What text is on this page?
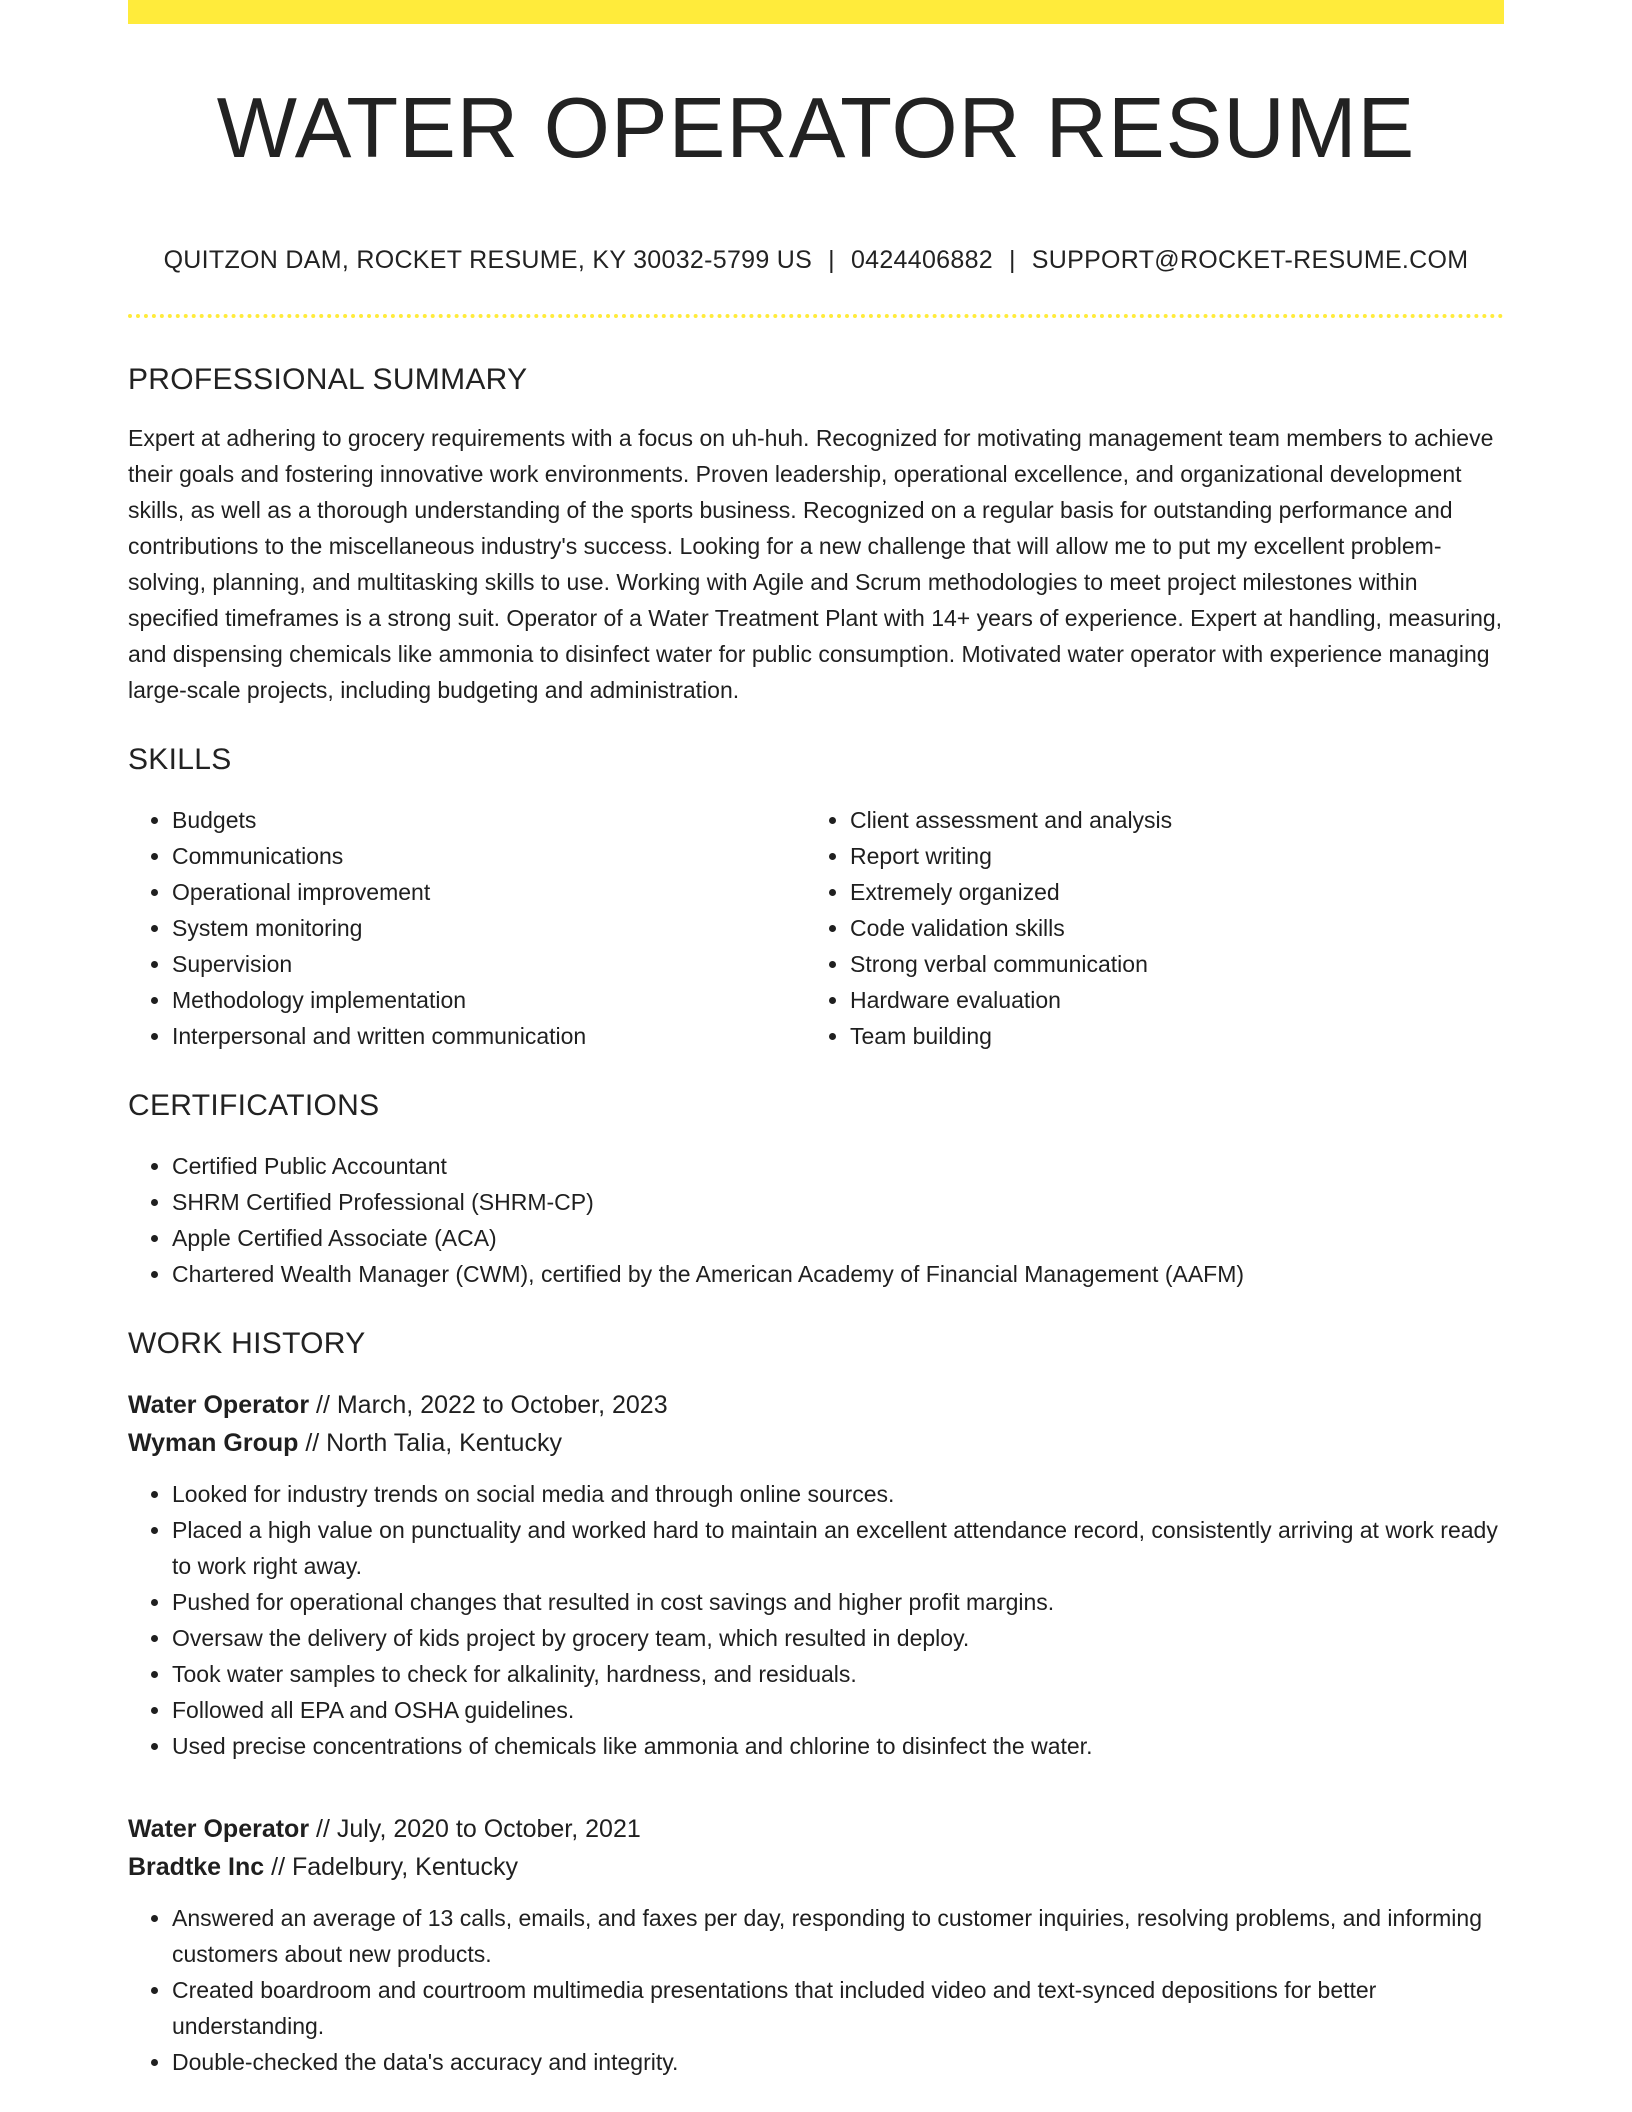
WATER OPERATOR RESUME
QUITZON DAM, ROCKET RESUME, KY 30032-5799 US | 0424406882 | SUPPORT@ROCKET-RESUME.COM
PROFESSIONAL SUMMARY

Expert at adhering to grocery requirements with a focus on uh-huh. Recognized for motivating management team members to achieve their goals and fostering innovative work environments. Proven leadership, operational excellence, and organizational development skills, as well as a thorough understanding of the sports business. Recognized on a regular basis for outstanding performance and contributions to the miscellaneous industry's success. Looking for a new challenge that will allow me to put my excellent problem-solving, planning, and multitasking skills to use. Working with Agile and Scrum methodologies to meet project milestones within specified timeframes is a strong suit. Operator of a Water Treatment Plant with 14+ years of experience. Expert at handling, measuring, and dispensing chemicals like ammonia to disinfect water for public consumption. Motivated water operator with experience managing large-scale projects, including budgeting and administration.

SKILLS
• Budgets
• Communications
• Operational improvement
• System monitoring
• Supervision
• Methodology implementation
• Interpersonal and written communication
• Client assessment and analysis
• Report writing
• Extremely organized
• Code validation skills
• Strong verbal communication
• Hardware evaluation
• Team building
CERTIFICATIONS
• Certified Public Accountant
• SHRM Certified Professional (SHRM-CP)
• Apple Certified Associate (ACA)
• Chartered Wealth Manager (CWM), certified by the American Academy of Financial Management (AAFM)
WORK HISTORY
Water Operator // March, 2022 to October, 2023
Wyman Group // North Talia, Kentucky
• Looked for industry trends on social media and through online sources.
• Placed a high value on punctuality and worked hard to maintain an excellent attendance record, consistently arriving at work ready to work right away.
• Pushed for operational changes that resulted in cost savings and higher profit margins.
• Oversaw the delivery of kids project by grocery team, which resulted in deploy.
• Took water samples to check for alkalinity, hardness, and residuals.
• Followed all EPA and OSHA guidelines.
• Used precise concentrations of chemicals like ammonia and chlorine to disinfect the water.
Water Operator // July, 2020 to October, 2021
Bradtke Inc // Fadelbury, Kentucky
• Answered an average of 13 calls, emails, and faxes per day, responding to customer inquiries, resolving problems, and informing customers about new products.
• Created boardroom and courtroom multimedia presentations that included video and text-synced depositions for better understanding.
• Double-checked the data's accuracy and integrity.
